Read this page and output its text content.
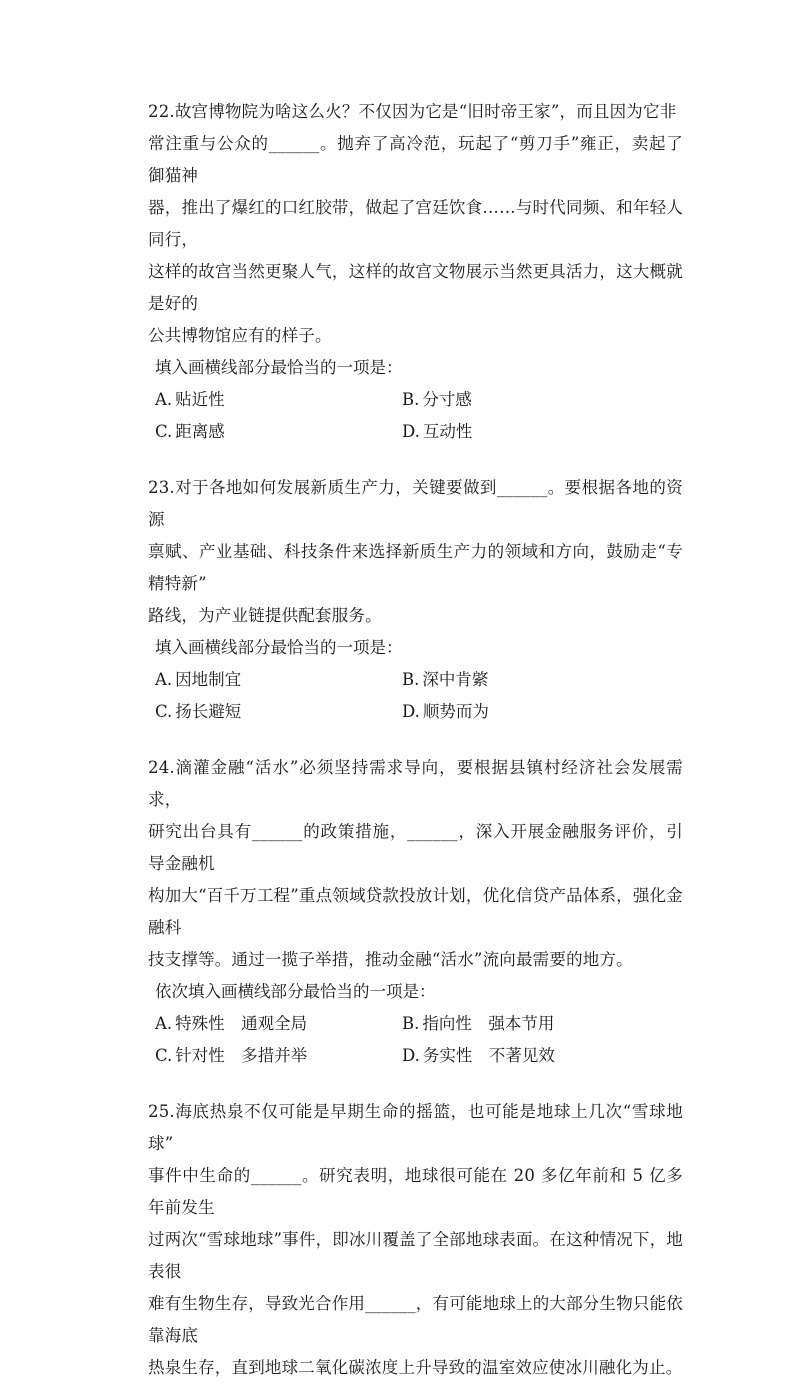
22.故宫博物院为啥这么火？不仅因为它是“旧时帝王家”，而且因为它非

常注重与公众的______。抛弃了高冷范，玩起了“剪刀手”雍正，卖起了御猫神

器，推出了爆红的口红胶带，做起了宫廷饮食……与时代同频、和年轻人同行，

这样的故宫当然更聚人气，这样的故宫文物展示当然更具活力，这大概就是好的

公共博物馆应有的样子。

填入画横线部分最恰当的一项是：

A. 贴近性	B. 分寸感
C. 距离感	D. 互动性

23.对于各地如何发展新质生产力，关键要做到______。要根据各地的资源

禀赋、产业基础、科技条件来选择新质生产力的领域和方向，鼓励走“专精特新”

路线，为产业链提供配套服务。

填入画横线部分最恰当的一项是：

A. 因地制宜	B. 深中肯綮
C. 扬长避短	D. 顺势而为

24.滴灌金融“活水”必须坚持需求导向，要根据县镇村经济社会发展需求，

研究出台具有______的政策措施，______，深入开展金融服务评价，引导金融机

构加大“百千万工程”重点领域贷款投放计划，优化信贷产品体系，强化金融科

技支撑等。通过一揽子举措，推动金融“活水”流向最需要的地方。

依次填入画横线部分最恰当的一项是：

A. 特殊性　通观全局	B. 指向性　强本节用
C. 针对性　多措并举	D. 务实性　不著见效

25.海底热泉不仅可能是早期生命的摇篮，也可能是地球上几次“雪球地球”

事件中生命的______。研究表明，地球很可能在 20 多亿年前和 5 亿多年前发生

过两次“雪球地球”事件，即冰川覆盖了全部地球表面。在这种情况下，地表很

难有生物生存，导致光合作用______，有可能地球上的大部分生物只能依靠海底

热泉生存，直到地球二氧化碳浓度上升导致的温室效应使冰川融化为止。
